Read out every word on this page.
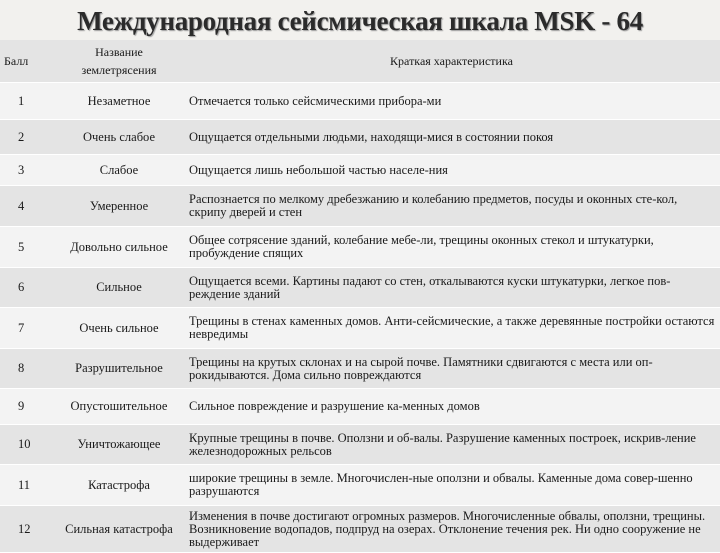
Международная сейсмическая шкала MSK - 64
Балл	Название землетрясения	Краткая характеристика
1	Незаметное	Отмечается только сейсмическими прибора-ми
2	Очень слабое	Ощущается отдельными людьми, находящи-мися в состоянии покоя
3	Слабое	Ощущается лишь небольшой частью населе-ния
4	Умеренное	Распознается по мелкому дребезжанию и колебанию предметов, посуды и оконных сте-кол, скрипу дверей и стен
5	Довольно сильное	Общее сотрясение зданий, колебание мебе-ли, трещины оконных стекол и штукатурки, пробуждение спящих
6	Сильное	Ощущается всеми. Картины падают со стен, откалываются куски штукатурки, легкое пов-реждение зданий
7	Очень сильное	Трещины в стенах каменных домов. Анти-сейсмические, а также деревянные постройки остаются невредимы
8	Разрушительное	Трещины на крутых склонах и на сырой почве. Памятники сдвигаются с места или оп-рокидываются. Дома сильно повреждаются
9	Опустошительное	Сильное повреждение и разрушение ка-менных домов
10	Уничтожающее	Крупные трещины в почве. Оползни и об-валы. Разрушение каменных построек, искрив-ление железнодорожных рельсов
11	Катастрофа	широкие трещины в земле. Многочислен-ные оползни и обвалы. Каменные дома совер-шенно разрушаются
12	Сильная катастрофа	Изменения в почве достигают огромных размеров. Многочисленные обвалы, оползни, трещины. Возникновение водопадов, подпруд на озерах. Отклонение течения рек. Ни одно сооружение не выдерживает
